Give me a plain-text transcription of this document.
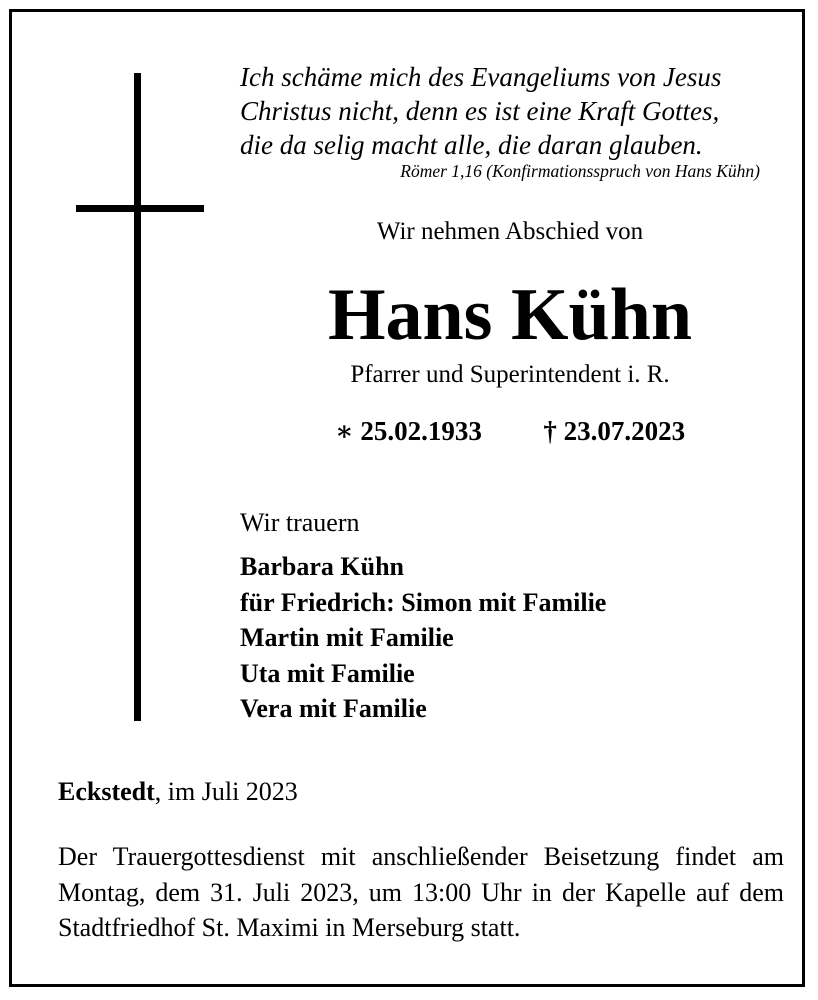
Ich schäme mich des Evangeliums von Jesus
Christus nicht, denn es ist eine Kraft Gottes,
die da selig macht alle, die daran glauben.
Römer 1,16 (Konfirmationsspruch von Hans Kühn)
Wir nehmen Abschied von
Hans Kühn
Pfarrer und Superintendent i. R.
∗ 25.02.1933 † 23.07.2023
Wir trauern
Barbara Kühn
für Friedrich: Simon mit Familie
Martin mit Familie
Uta mit Familie
Vera mit Familie
Eckstedt, im Juli 2023
Der Trauergottesdienst mit anschließender Beisetzung findet am Montag, dem 31. Juli 2023, um 13:00 Uhr in der Kapelle auf dem Stadtfriedhof St. Maximi in Merseburg statt.
